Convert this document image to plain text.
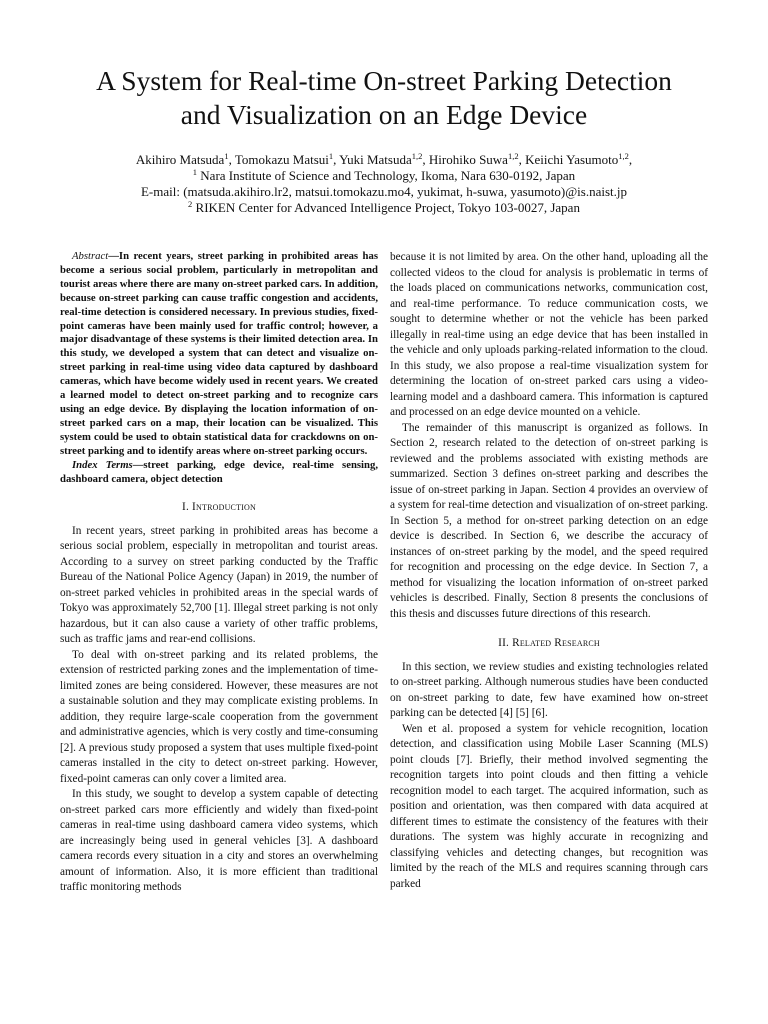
A System for Real-time On-street Parking Detection
and Visualization on an Edge Device
Akihiro Matsuda$^1$, Tomokazu Matsui$^1$, Yuki Matsuda$^{1,2}$, Hirohiko Suwa$^{1,2}$, Keiichi Yasumoto$^{1,2}$,
$^1$ Nara Institute of Science and Technology, Ikoma, Nara 630-0192, Japan
E-mail: (matsuda.akihiro.lr2, matsui.tomokazu.mo4, yukimat, h-suwa, yasumoto)@is.naist.jp
$^2$ RIKEN Center for Advanced Intelligence Project, Tokyo 103-0027, Japan

Abstract—In recent years, street parking in prohibited areas has become a serious social problem, particularly in metropolitan and tourist areas where there are many on-street parked cars. In addition, because on-street parking can cause traffic congestion and accidents, real-time detection is considered necessary. In previous studies, fixed-point cameras have been mainly used for traffic control; however, a major disadvantage of these systems is their limited detection area. In this study, we developed a system that can detect and visualize on-street parking in real-time using video data captured by dashboard cameras, which have become widely used in recent years. We created a learned model to detect on-street parking and to recognize cars using an edge device. By displaying the location information of on-street parked cars on a map, their location can be visualized. This system could be used to obtain statistical data for crackdowns on on-street parking and to identify areas where on-street parking occurs.

Index Terms—street parking, edge device, real-time sensing, dashboard camera, object detection

I. Introduction

In recent years, street parking in prohibited areas has become a serious social problem, especially in metropolitan and tourist areas. According to a survey on street parking conducted by the Traffic Bureau of the National Police Agency (Japan) in 2019, the number of on-street parked vehicles in prohibited areas in the special wards of Tokyo was approximately 52,700 [1]. Illegal street parking is not only hazardous, but it can also cause a variety of other traffic problems, such as traffic jams and rear-end collisions.

To deal with on-street parking and its related problems, the extension of restricted parking zones and the implementation of time-limited zones are being considered. However, these measures are not a sustainable solution and they may complicate existing problems. In addition, they require large-scale cooperation from the government and administrative agencies, which is very costly and time-consuming [2]. A previous study proposed a system that uses multiple fixed-point cameras installed in the city to detect on-street parking. However, fixed-point cameras can only cover a limited area.

In this study, we sought to develop a system capable of detecting on-street parked cars more efficiently and widely than fixed-point cameras in real-time using dashboard camera video systems, which are increasingly being used in general vehicles [3]. A dashboard camera records every situation in a city and stores an overwhelming amount of information. Also, it is more efficient than traditional traffic monitoring methods

because it is not limited by area. On the other hand, uploading all the collected videos to the cloud for analysis is problematic in terms of the loads placed on communications networks, communication cost, and real-time performance. To reduce communication costs, we sought to determine whether or not the vehicle has been parked illegally in real-time using an edge device that has been installed in the vehicle and only uploads parking-related information to the cloud. In this study, we also propose a real-time visualization system for determining the location of on-street parked cars using a video-learning model and a dashboard camera. This information is captured and processed on an edge device mounted on a vehicle.

The remainder of this manuscript is organized as follows. In Section 2, research related to the detection of on-street parking is reviewed and the problems associated with existing methods are summarized. Section 3 defines on-street parking and describes the issue of on-street parking in Japan. Section 4 provides an overview of a system for real-time detection and visualization of on-street parking. In Section 5, a method for on-street parking detection on an edge device is described. In Section 6, we describe the accuracy of instances of on-street parking by the model, and the speed required for recognition and processing on the edge device. In Section 7, a method for visualizing the location information of on-street parked vehicles is described. Finally, Section 8 presents the conclusions of this thesis and discusses future directions of this research.

II. Related Research

In this section, we review studies and existing technologies related to on-street parking. Although numerous studies have been conducted on on-street parking to date, few have examined how on-street parking can be detected [4] [5] [6].

Wen et al. proposed a system for vehicle recognition, location detection, and classification using Mobile Laser Scanning (MLS) point clouds [7]. Briefly, their method involved segmenting the recognition targets into point clouds and then fitting a vehicle recognition model to each target. The acquired information, such as position and orientation, was then compared with data acquired at different times to estimate the consistency of the features with their durations. The system was highly accurate in recognizing and classifying vehicles and detecting changes, but recognition was limited by the reach of the MLS and requires scanning through cars parked
